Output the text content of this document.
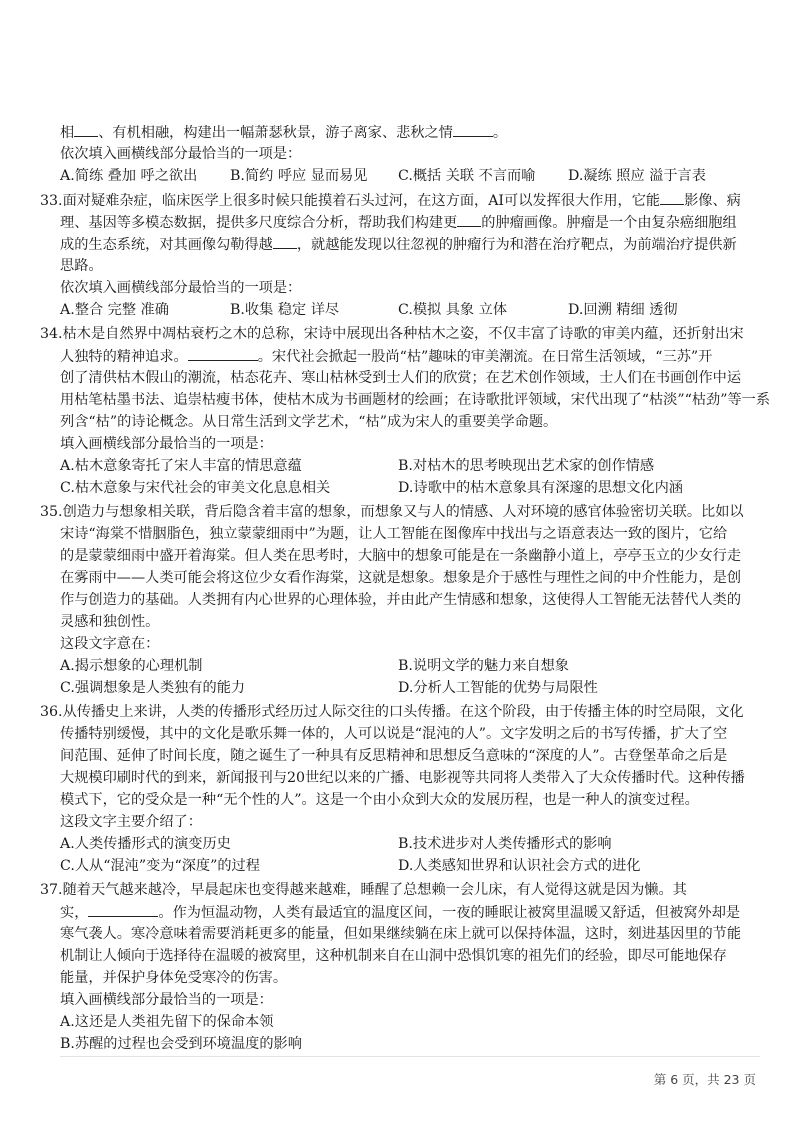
相 、有机相融，构建出一幅萧瑟秋景，游子离家、悲秋之情	。
依次填入画横线部分最恰当的一项是：
A.简练 叠加 呼之欲出 B.简约 呼应 显而易见 C.概括 关联 不言而喻 D.凝练 照应 溢于言表
33.面对疑难杂症，临床医学上很多时候只能摸着石头过河，在这方面，AI可以发挥很大作用，它能 影像、病
理、基因等多模态数据，提供多尺度综合分析，帮助我们构建更 的肿瘤画像。肿瘤是一个由复杂癌细胞组
成的生态系统，对其画像勾勒得越 ，就越能发现以往忽视的肿瘤行为和潜在治疗靶点，为前端治疗提供新
思路。
依次填入画横线部分最恰当的一项是：
A.整合 完整 准确	B.收集 稳定 详尽	C.模拟 具象 立体	D.回溯 精细 透彻
34.枯木是自然界中凋枯衰朽之木的总称，宋诗中展现出各种枯木之姿，不仅丰富了诗歌的审美内蕴，还折射出宋
人独特的精神追求。	。宋代社会掀起一股尚“枯”趣味的审美潮流。在日常生活领域，“三苏”开
创了清供枯木假山的潮流，枯态花卉、寒山枯林受到士人们的欣赏；在艺术创作领域，士人们在书画创作中运
用枯笔枯墨书法、追崇枯瘦书体，使枯木成为书画题材的绘画；在诗歌批评领域，宋代出现了“枯淡”“枯劲”等一系
列含“枯”的诗论概念。从日常生活到文学艺术，“枯”成为宋人的重要美学命题。
填入画横线部分最恰当的一项是：
A.枯木意象寄托了宋人丰富的情思意蕴	B.对枯木的思考映现出艺术家的创作情感
C.枯木意象与宋代社会的审美文化息息相关	D.诗歌中的枯木意象具有深邃的思想文化内涵
35.创造力与想象相关联，背后隐含着丰富的想象，而想象又与人的情感、人对环境的感官体验密切关联。比如以
宋诗“海棠不惜胭脂色，独立蒙蒙细雨中”为题，让人工智能在图像库中找出与之语意表达一致的图片，它给
的是蒙蒙细雨中盛开着海棠。但人类在思考时，大脑中的想象可能是在一条幽静小道上，亭亭玉立的少女行走
在雾雨中——人类可能会将这位少女看作海棠，这就是想象。想象是介于感性与理性之间的中介性能力，是创
作与创造力的基础。人类拥有内心世界的心理体验，并由此产生情感和想象，这使得人工智能无法替代人类的
灵感和独创性。
这段文字意在：
A.揭示想象的心理机制	B.说明文学的魅力来自想象
C.强调想象是人类独有的能力	D.分析人工智能的优势与局限性
36.从传播史上来讲，人类的传播形式经历过人际交往的口头传播。在这个阶段，由于传播主体的时空局限，文化
传播特别缓慢，其中的文化是歌乐舞一体的，人可以说是“混沌的人”。文字发明之后的书写传播，扩大了空
间范围、延伸了时间长度，随之诞生了一种具有反思精神和思想反刍意味的“深度的人”。古登堡革命之后是
大规模印刷时代的到来，新闻报刊与20世纪以来的广播、电影视等共同将人类带入了大众传播时代。这种传播
模式下，它的受众是一种“无个性的人”。这是一个由小众到大众的发展历程，也是一种人的演变过程。
这段文字主要介绍了：
A.人类传播形式的演变历史	B.技术进步对人类传播形式的影响
C.人从“混沌”变为“深度”的过程	D.人类感知世界和认识社会方式的进化
37.随着天气越来越冷，早晨起床也变得越来越难，睡醒了总想赖一会儿床，有人觉得这就是因为懒。其
实，	。作为恒温动物，人类有最适宜的温度区间，一夜的睡眠让被窝里温暖又舒适，但被窝外却是
寒气袭人。寒冷意味着需要消耗更多的能量，但如果继续躺在床上就可以保持体温，这时，刻进基因里的节能
机制让人倾向于选择待在温暖的被窝里，这种机制来自在山洞中恐惧饥寒的祖先们的经验，即尽可能地保存
能量，并保护身体免受寒冷的伤害。
填入画横线部分最恰当的一项是：
A.这还是人类祖先留下的保命本领
B.苏醒的过程也会受到环境温度的影响
第 6 页，共 23 页
